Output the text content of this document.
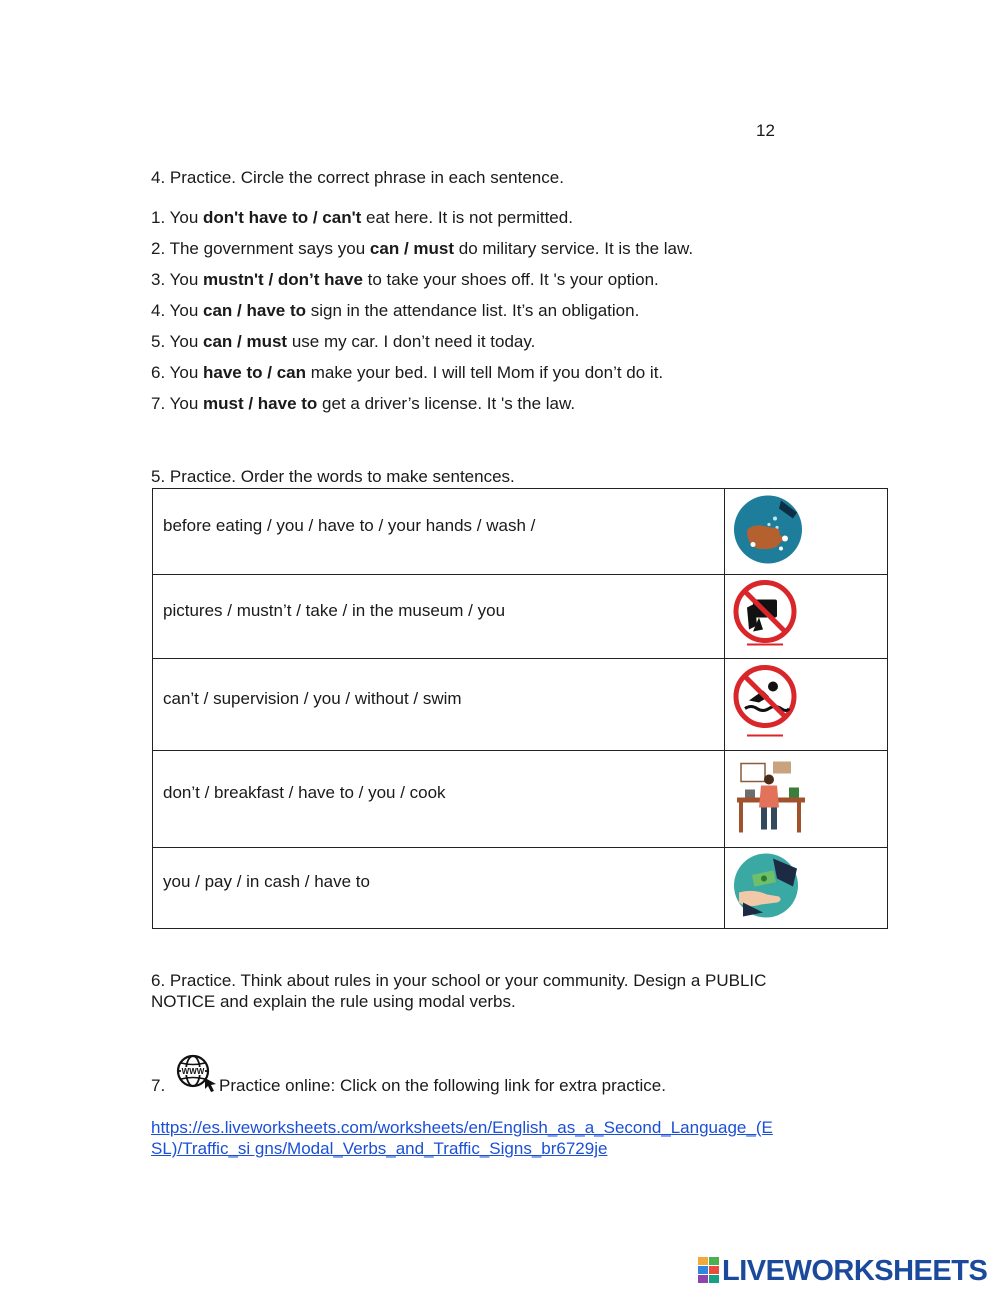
12
4. Practice. Circle the correct phrase in each sentence.
1. You don't have to / can't eat here. It is not permitted.
2. The government says you can / must do military service. It is the law.
3. You mustn't / don’t have to take your shoes off. It 's your option.
4. You can / have to sign in the attendance list. It’s an obligation.
5. You can / must use my car. I don’t need it today.
6. You have to / can make your bed. I will tell Mom if you don’t do it.
7. You must / have to get a driver’s license. It 's the law.
5. Practice. Order the words to make sentences.
before eating / you / have to / your hands / wash /	

pictures / mustn’t / take / in the museum / you	

can’t / supervision / you / without / swim	

don’t / breakfast / have to / you / cook	

you / pay / in cash / have to	
6. Practice. Think about rules in your school or your community. Design a PUBLIC NOTICE and explain the rule using modal verbs.
7.
WWW
Practice online: Click on the following link for extra practice.
https://es.liveworksheets.com/worksheets/en/English_as_a_Second_Language_(ESL)/Traffic_si gns/Modal_Verbs_and_Traffic_Signs_br6729je
LIVEWORKSHEETS
